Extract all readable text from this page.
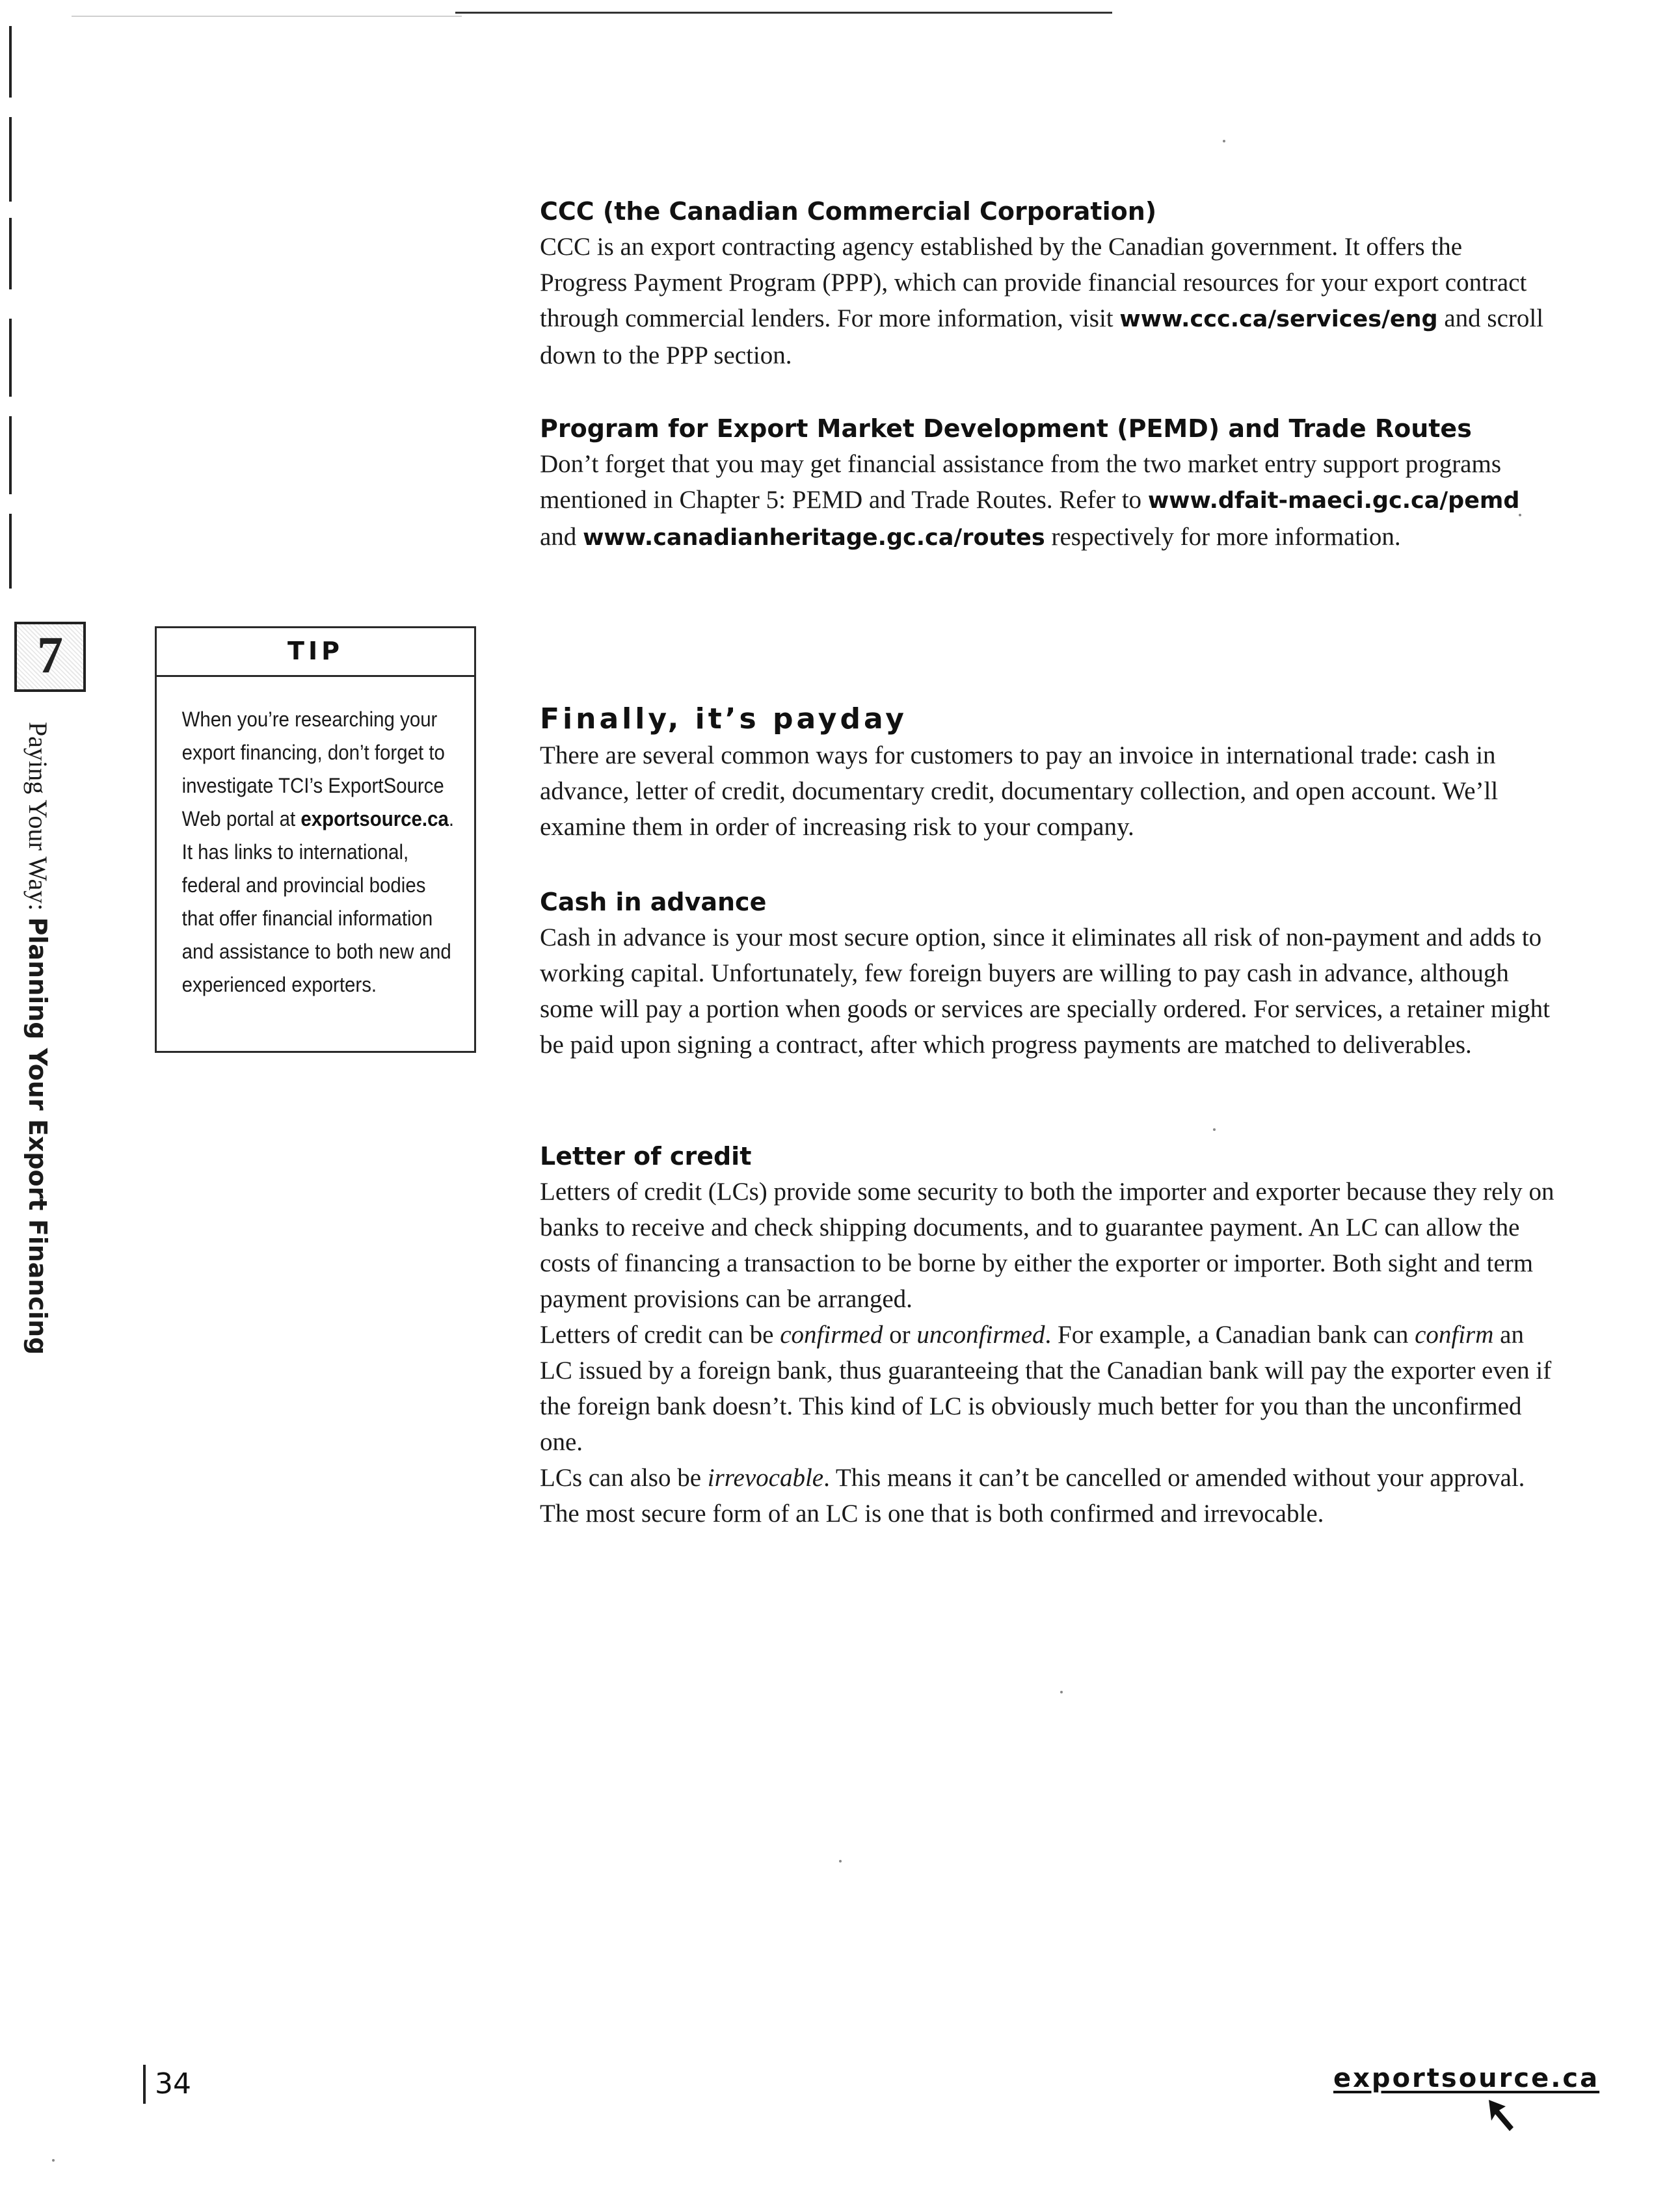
7
Paying Your Way: Planning Your Export Financing
TIP
When you’re researching your export financing, don’t forget to investigate TCI’s ExportSource Web portal at exportsource.ca. It has links to international, federal and provincial bodies that offer financial information and assistance to both new and experienced exporters.
CCC (the Canadian Commercial Corporation)

CCC is an export contracting agency established by the Canadian government. It offers the Progress Payment Program (PPP), which can provide financial resources for your export contract through commercial lenders. For more information, visit www.ccc.ca/services/eng and scroll down to the PPP section.

Program for Export Market Development (PEMD) and Trade Routes

Don’t forget that you may get financial assistance from the two market entry support programs mentioned in Chapter 5: PEMD and Trade Routes. Refer to www.dfait-maeci.gc.ca/pemd and www.canadianheritage.gc.ca/routes respectively for more information.

Finally, it’s payday

There are several common ways for customers to pay an invoice in international trade: cash in advance, letter of credit, documentary credit, documentary collection, and open account. We’ll examine them in order of increasing risk to your company.

Cash in advance

Cash in advance is your most secure option, since it eliminates all risk of non-payment and adds to working capital. Unfortunately, few foreign buyers are willing to pay cash in advance, although some will pay a portion when goods or services are specially ordered. For services, a retainer might be paid upon signing a contract, after which progress payments are matched to deliverables.

Letter of credit

Letters of credit (LCs) provide some security to both the importer and exporter because they rely on banks to receive and check shipping documents, and to guarantee payment. An LC can allow the costs of financing a transaction to be borne by either the exporter or importer. Both sight and term payment provisions can be arranged.

Letters of credit can be confirmed or unconfirmed. For example, a Canadian bank can confirm an LC issued by a foreign bank, thus guaranteeing that the Canadian bank will pay the exporter even if the foreign bank doesn’t. This kind of LC is obviously much better for you than the unconfirmed one.

LCs can also be irrevocable. This means it can’t be cancelled or amended without your approval. The most secure form of an LC is one that is both confirmed and irrevocable.

34	exportsource.ca
